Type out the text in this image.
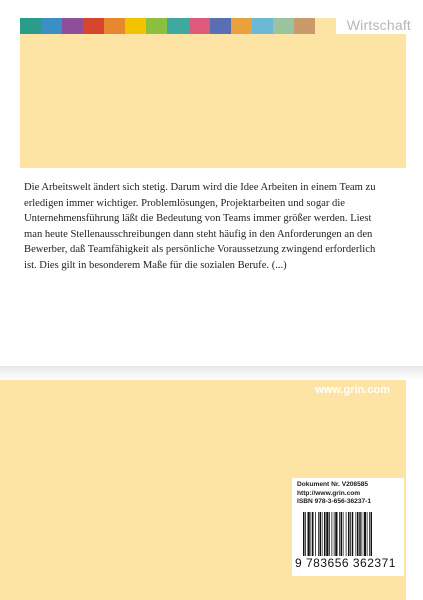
Wirtschaft

Die Arbeitswelt ändert sich stetig. Darum wird die Idee Arbeiten in einem Team zu erledigen immer wichtiger. Problemlösungen, Projektarbeiten und sogar die Unternehmensführung läßt die Bedeutung von Teams immer größer werden. Liest man heute Stellenausschreibungen dann steht häufig in den Anforderungen an den Bewerber, daß Teamfähigkeit als persönliche Voraussetzung zwingend erforderlich ist. Dies gilt in besonderem Maße für die sozialen Berufe. (...)

www.grin.com
Dokument Nr. V208585
http://www.grin.com
ISBN 978-3-656-36237-1
9 783656 362371
